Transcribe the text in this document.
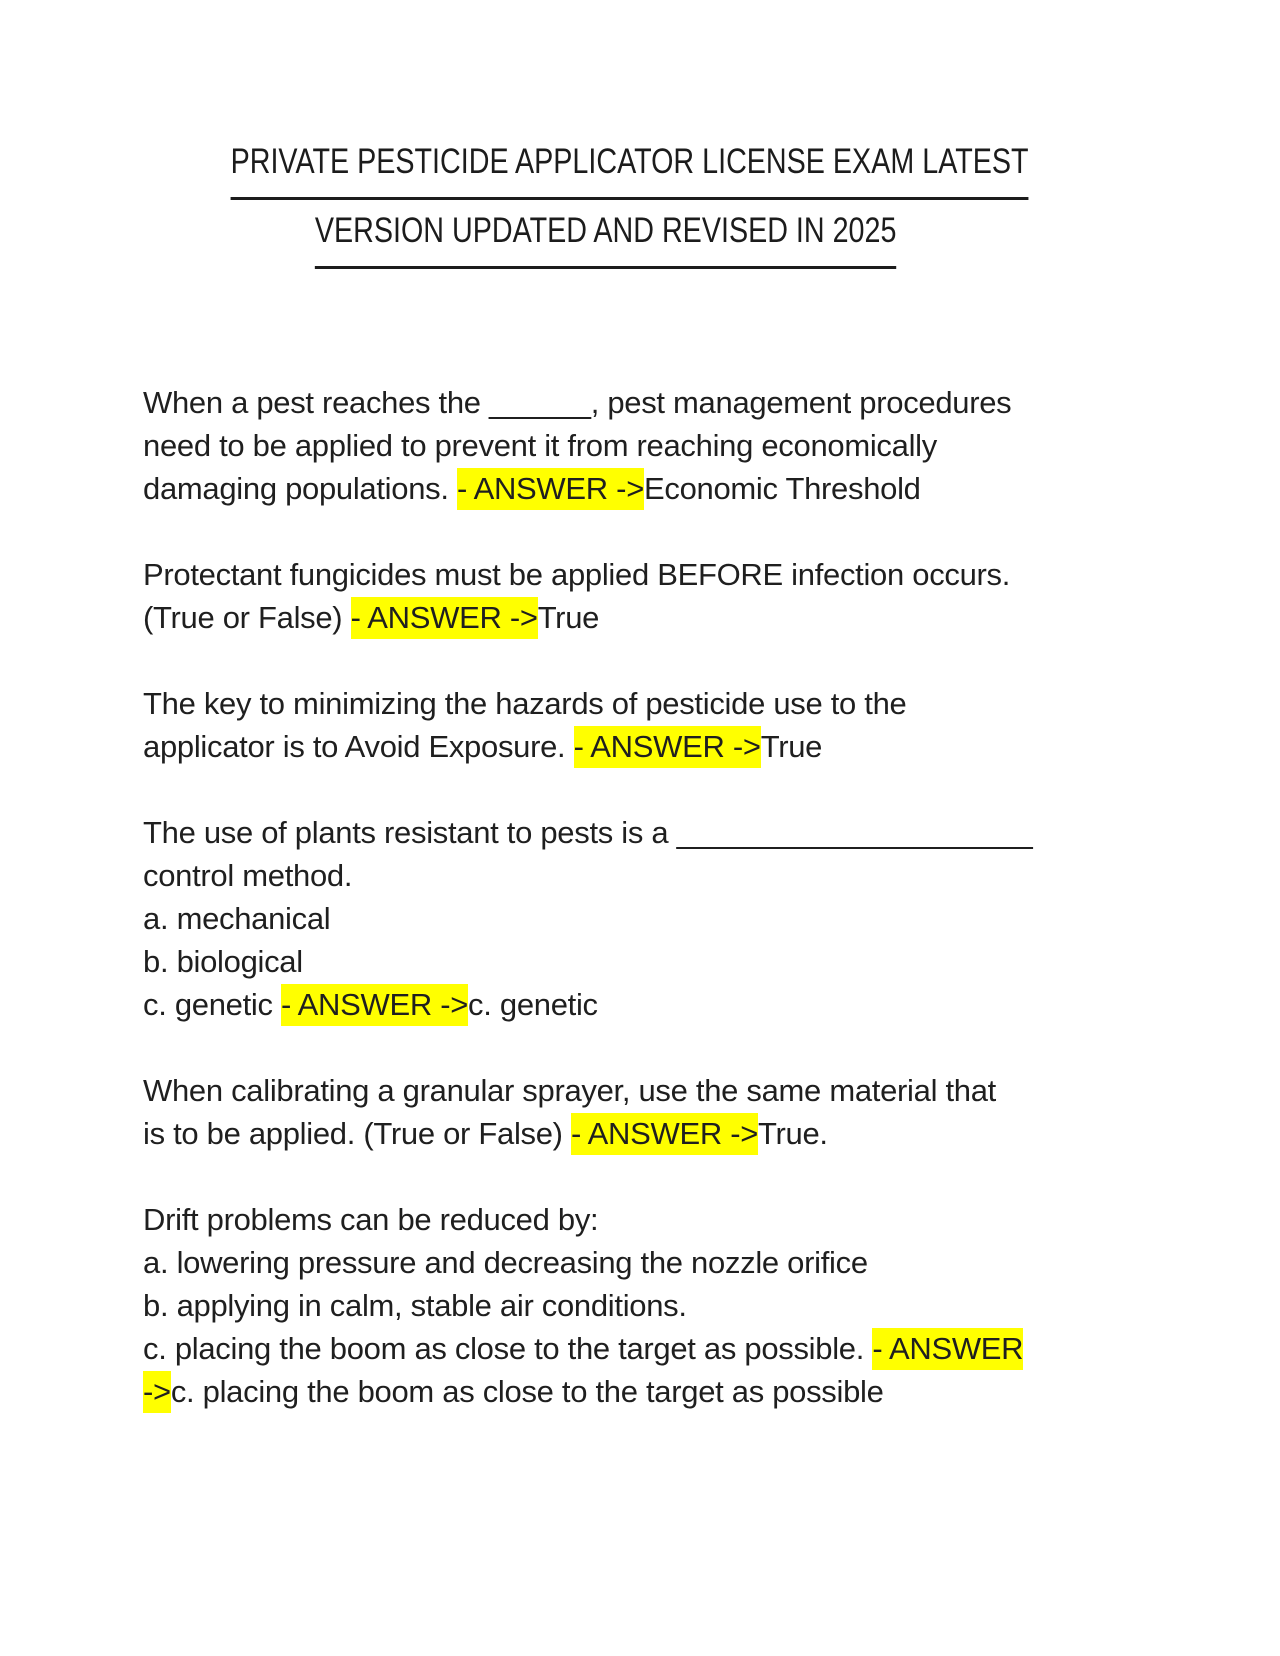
PRIVATE PESTICIDE APPLICATOR LICENSE EXAM LATEST
VERSION UPDATED AND REVISED IN 2025
When a pest reaches the ______, pest management procedures
need to be applied to prevent it from reaching economically
damaging populations. - ANSWER ->Economic Threshold
Protectant fungicides must be applied BEFORE infection occurs.
(True or False) - ANSWER ->True
The key to minimizing the hazards of pesticide use to the
applicator is to Avoid Exposure. - ANSWER ->True
The use of plants resistant to pests is a _____________________
control method.
a. mechanical
b. biological
c. genetic - ANSWER ->c. genetic
When calibrating a granular sprayer, use the same material that
is to be applied. (True or False) - ANSWER ->True.
Drift problems can be reduced by:
a. lowering pressure and decreasing the nozzle orifice
b. applying in calm, stable air conditions.
c. placing the boom as close to the target as possible. - ANSWER
->c. placing the boom as close to the target as possible
